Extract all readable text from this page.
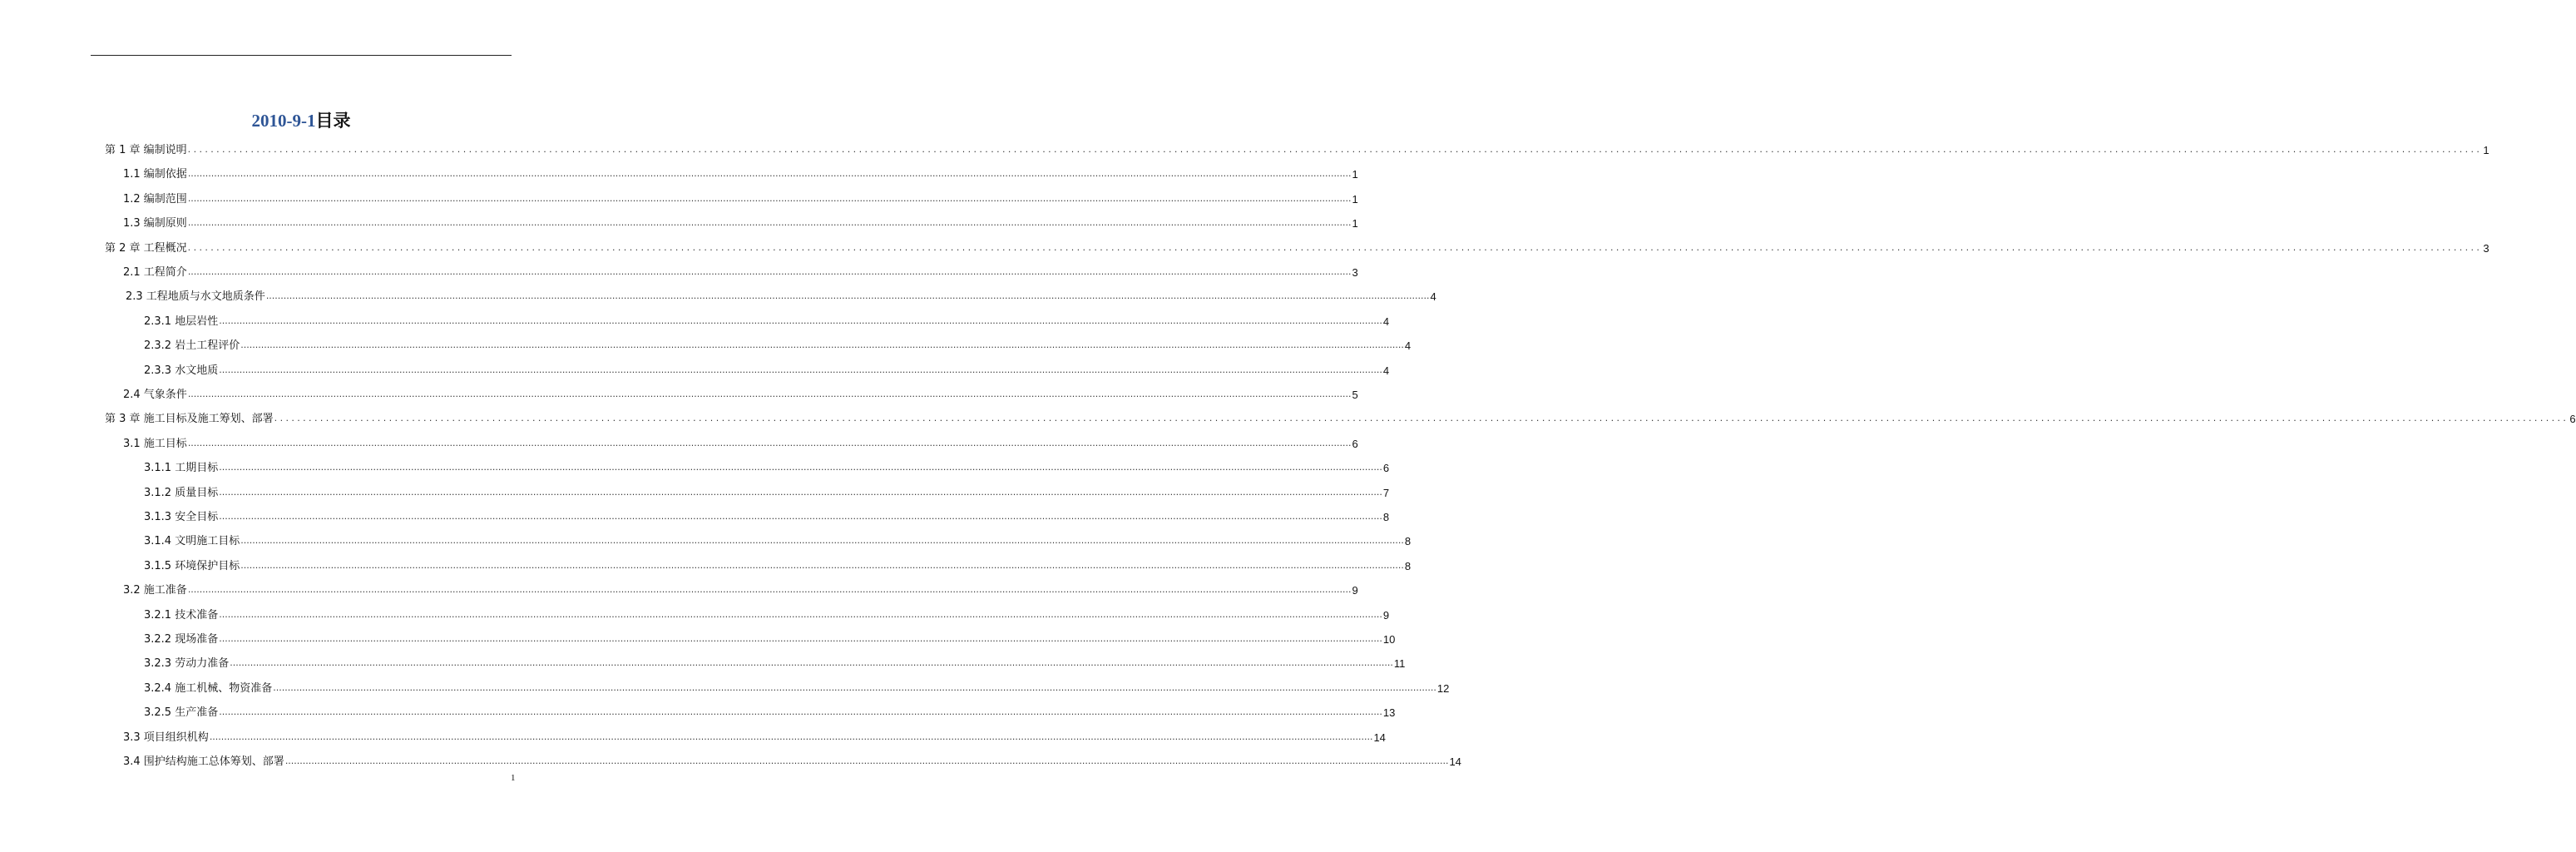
2010-9-1目录
第 1 章 编制说明 ................................................................................................................................................................................................................................................................................................................................................................................................................ 1
1.1 编制依据 ................................................................................................................................................................................................................................................................................................................................................................................................................ 1
1.2 编制范围 ................................................................................................................................................................................................................................................................................................................................................................................................................ 1
1.3 编制原则 ................................................................................................................................................................................................................................................................................................................................................................................................................ 1
第 2 章 工程概况 ................................................................................................................................................................................................................................................................................................................................................................................................................ 3
2.1 工程简介 ................................................................................................................................................................................................................................................................................................................................................................................................................ 3
2.3 工程地质与水文地质条件 ................................................................................................................................................................................................................................................................................................................................................................................................................ 4
2.3.1 地层岩性 ................................................................................................................................................................................................................................................................................................................................................................................................................ 4
2.3.2 岩土工程评价 ................................................................................................................................................................................................................................................................................................................................................................................................................ 4
2.3.3 水文地质 ................................................................................................................................................................................................................................................................................................................................................................................................................ 4
2.4 气象条件 ................................................................................................................................................................................................................................................................................................................................................................................................................ 5
第 3 章 施工目标及施工筹划、部署 ................................................................................................................................................................................................................................................................................................................................................................................................................ 6
3.1 施工目标 ................................................................................................................................................................................................................................................................................................................................................................................................................ 6
3.1.1 工期目标 ................................................................................................................................................................................................................................................................................................................................................................................................................ 6
3.1.2 质量目标 ................................................................................................................................................................................................................................................................................................................................................................................................................ 7
3.1.3 安全目标 ................................................................................................................................................................................................................................................................................................................................................................................................................ 8
3.1.4 文明施工目标 ................................................................................................................................................................................................................................................................................................................................................................................................................ 8
3.1.5 环境保护目标 ................................................................................................................................................................................................................................................................................................................................................................................................................ 8
3.2 施工准备 ................................................................................................................................................................................................................................................................................................................................................................................................................ 9
3.2.1 技术准备 ................................................................................................................................................................................................................................................................................................................................................................................................................ 9
3.2.2 现场准备 ................................................................................................................................................................................................................................................................................................................................................................................................................ 10
3.2.3 劳动力准备 ................................................................................................................................................................................................................................................................................................................................................................................................................ 11
3.2.4 施工机械、物资准备 ................................................................................................................................................................................................................................................................................................................................................................................................................ 12
3.2.5 生产准备 ................................................................................................................................................................................................................................................................................................................................................................................................................ 13
3.3 项目组织机构 ................................................................................................................................................................................................................................................................................................................................................................................................................ 14
3.4 围护结构施工总体筹划、部署 ................................................................................................................................................................................................................................................................................................................................................................................................................ 14
1
